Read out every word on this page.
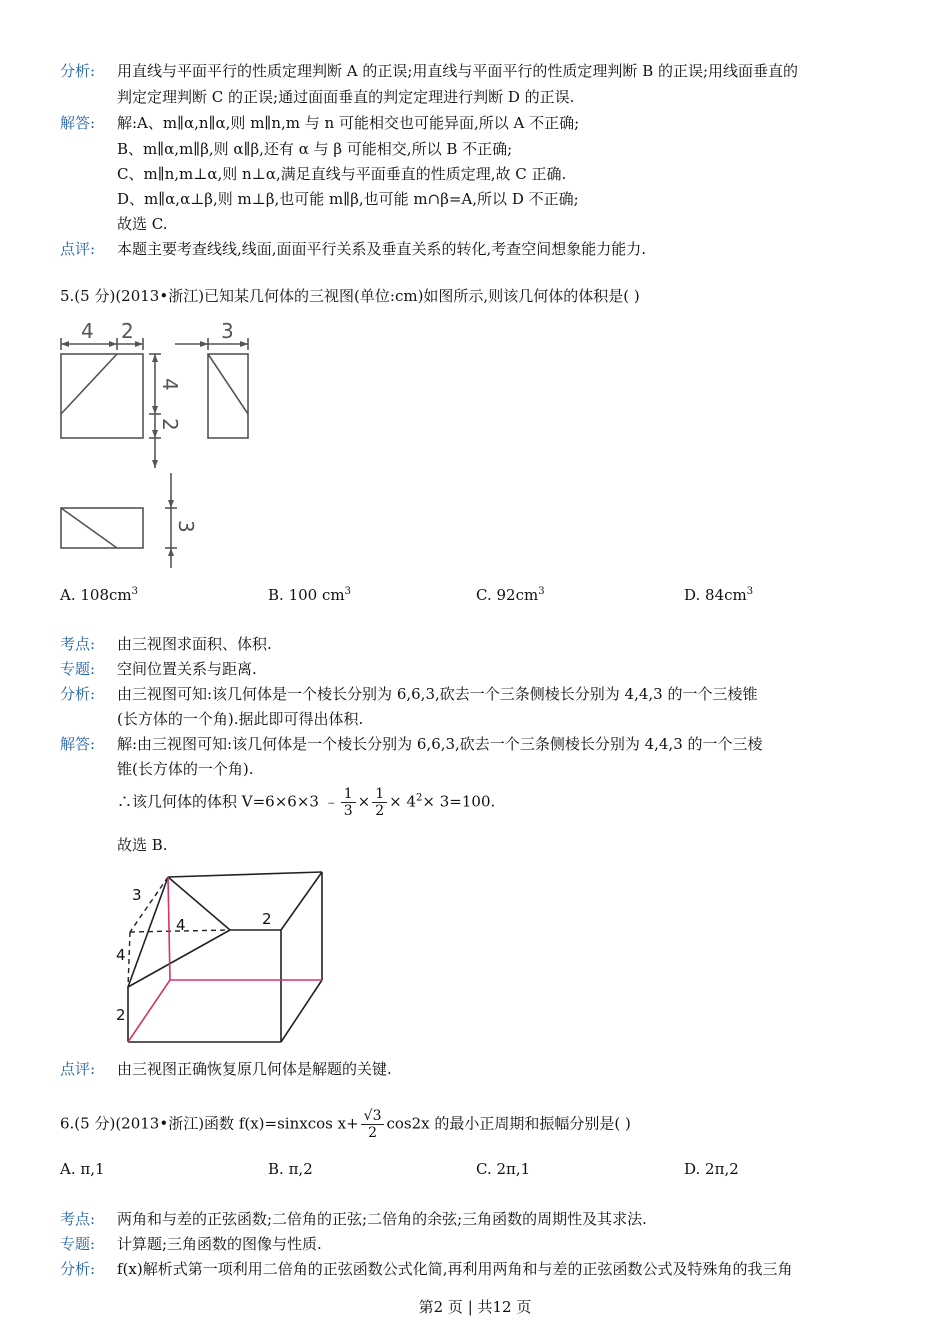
分析: 用直线与平面平行的性质定理判断 A 的正误;用直线与平面平行的性质定理判断 B 的正误;用线面垂直的
判定定理判断 C 的正误;通过面面垂直的判定定理进行判断 D 的正误.
解答: 解:A、m∥α,n∥α,则 m∥n,m 与 n 可能相交也可能异面,所以 A 不正确;
B、m∥α,m∥β,则 α∥β,还有 α 与 β 可能相交,所以 B 不正确;
C、m∥n,m⊥α,则 n⊥α,满足直线与平面垂直的性质定理,故 C 正确.
D、m∥α,α⊥β,则 m⊥β,也可能 m∥β,也可能 m∩β=A,所以 D 不正确;
故选 C.
点评: 本题主要考查线线,线面,面面平行关系及垂直关系的转化,考查空间想象能力能力.
5.(5 分)(2013•浙江)已知某几何体的三视图(单位:cm)如图所示,则该几何体的体积是( )
4 2	3
4
2
3
A. $108cm^3$	B. 100 $cm^3$	C. $92cm^3$	D. $84cm^3$
考点: 由三视图求面积、体积.
专题: 空间位置关系与距离.
分析: 由三视图可知:该几何体是一个棱长分别为 6,6,3,砍去一个三条侧棱长分别为 4,4,3 的一个三棱锥
(长方体的一个角).据此即可得出体积.
解答: 解:由三视图可知:该几何体是一个棱长分别为 6,6,3,砍去一个三条侧棱长分别为 4,4,3 的一个三棱
锥(长方体的一个角).
∴该几何体的体积 V=6×6×3 ﹣ $\frac{1}{3} \times \frac{1}{2} \times 4^2\times 3=100$.
故选 B.
3
4
4
2
2
点评: 由三视图正确恢复原几何体是解题的关键.
6.(5 分)(2013•浙江)函数 f(x)=sinxcos $x+ \frac{√3}{2} \cos 2x$ 的最小正周期和振幅分别是( )
A. π,1	B. π,2	C. 2π,1	D. 2π,2
考点: 两角和与差的正弦函数;二倍角的正弦;二倍角的余弦;三角函数的周期性及其求法.
专题: 计算题;三角函数的图像与性质.
分析: f(x)解析式第一项利用二倍角的正弦函数公式化简,再利用两角和与差的正弦函数公式及特殊角的我三角
第2 页 | 共12 页
